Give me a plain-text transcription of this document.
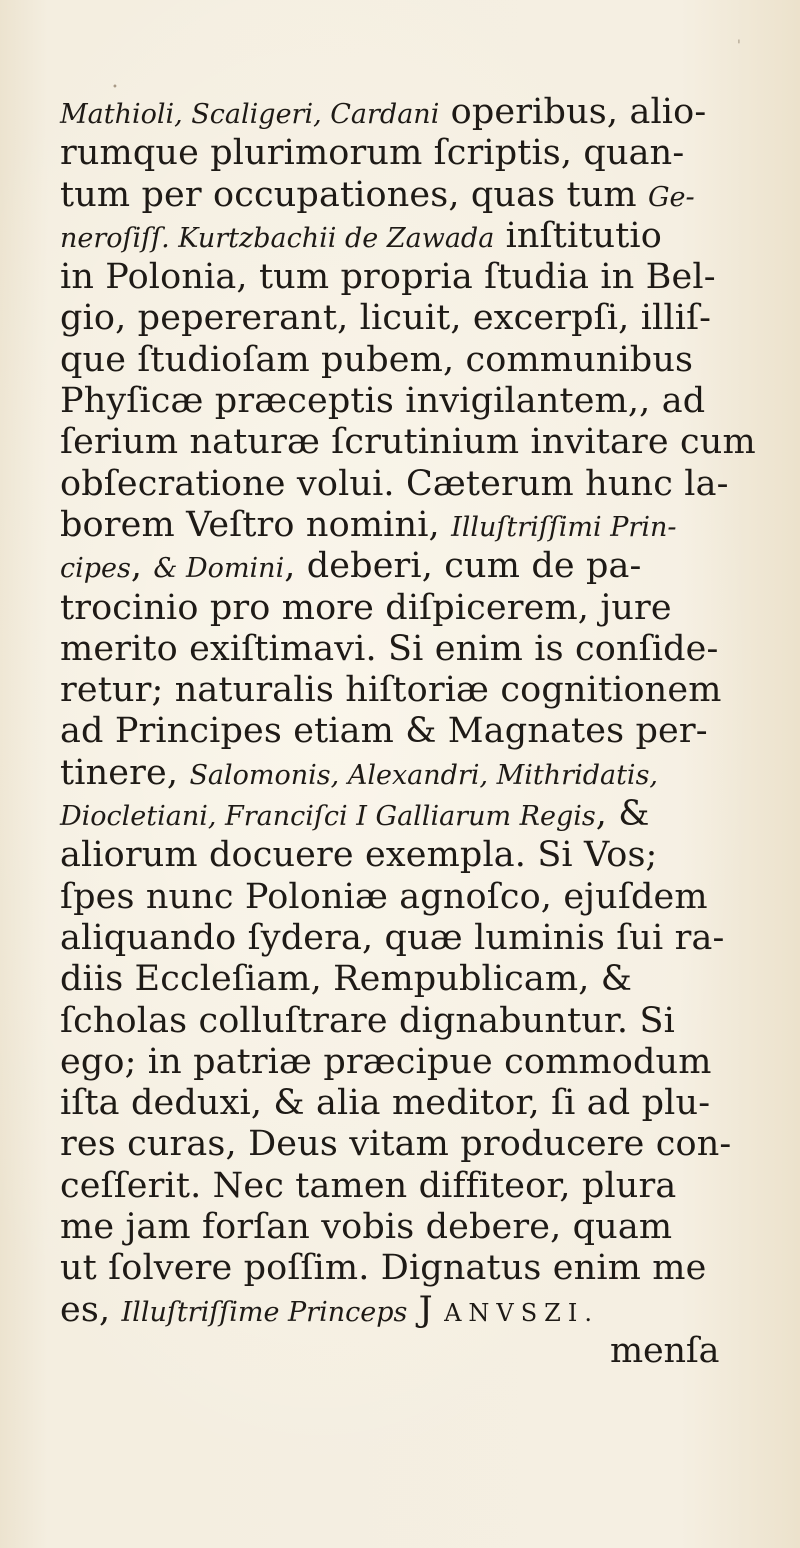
Mathioli, Scaligeri, Cardani operibus, alio-
rumque plurimorum ſcriptis, quan-
tum per occupationes, quas tum Ge-
neroſiſſ. Kurtzbachii de Zawada inſtitutio
in Polonia, tum propria ſtudia in Bel-
gio, pepererant, licuit, excerpſi, illiſ-
que ſtudioſam pubem, communibus
Phyſicæ præceptis invigilantem,, ad
ſerium naturæ ſcrutinium invitare cum
obſecratione volui. Cæterum hunc la-
borem Veſtro nomini, Illuſtriſſimi Prin-
cipes, & Domini, deberi, cum de pa-
trocinio pro more diſpicerem, jure
merito exiſtimavi. Si enim is conſide-
retur; naturalis hiſtoriæ cognitionem
ad Principes etiam & Magnates per-
tinere, Salomonis, Alexandri, Mithridatis,
Diocletiani, Franciſci I Galliarum Regis, &
aliorum docuere exempla. Si Vos;
ſpes nunc Poloniæ agnoſco, ejuſdem
aliquando ſydera, quæ luminis ſui ra-
diis Eccleſiam, Rempublicam, &
ſcholas colluſtrare dignabuntur. Si
ego; in patriæ præcipue commodum
iſta deduxi, & alia meditor, ſi ad plu-
res curas, Deus vitam producere con-
ceſſerit. Nec tamen diffiteor, plura
me jam forſan vobis debere, quam
ut ſolvere poſſim. Dignatus enim me
es, Illuſtriſſime Princeps J ANVSZI.
menſa
'
•
